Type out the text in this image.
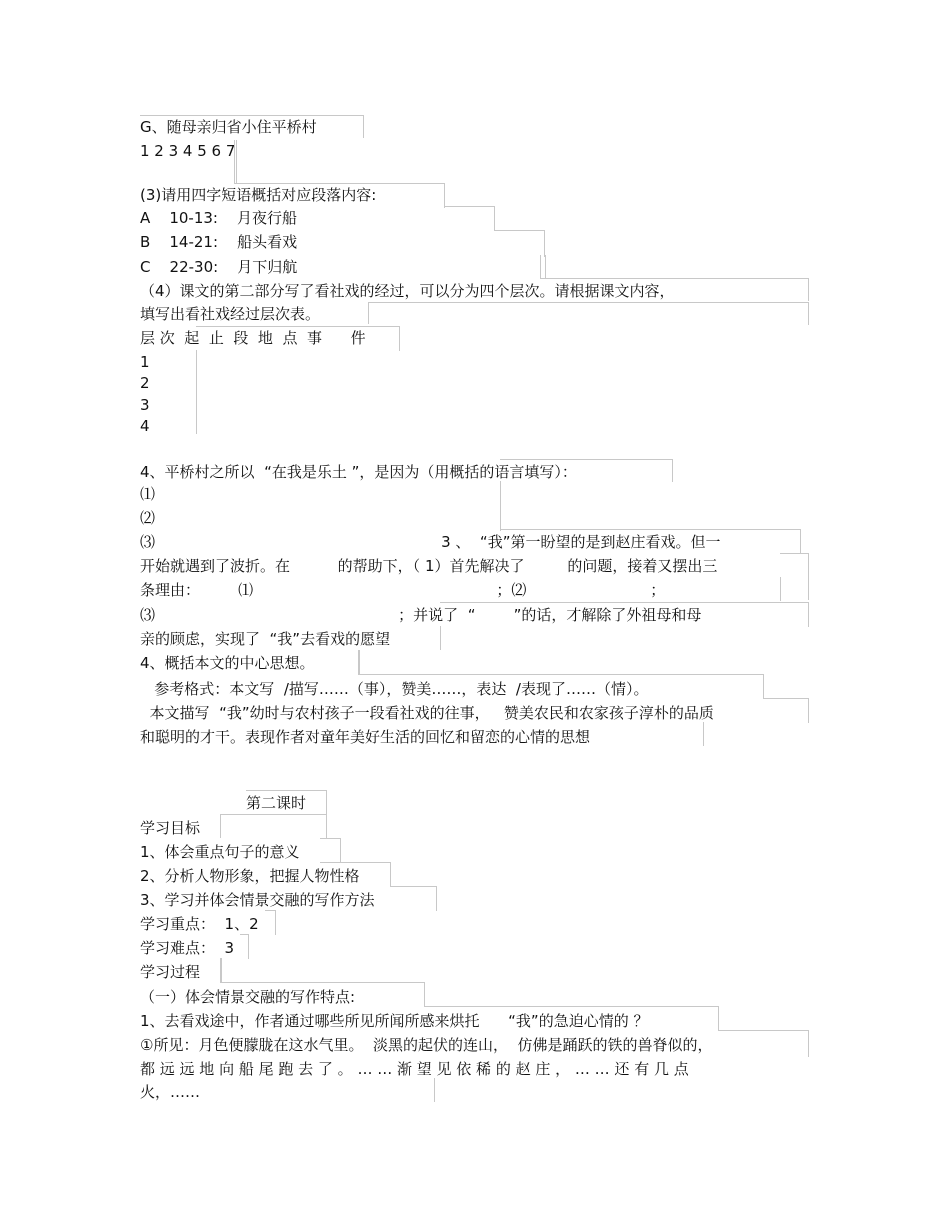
G、随母亲归省小住平桥村
1 2 3 4 5 6 7
(3)请用四字短语概括对应段落内容:
A    10-13:    月夜行船
B    14-21:    船头看戏
C    22-30:    月下归航
（4）课文的第二部分写了看社戏的经过，可以分为四个层次。请根据课文内容，
填写出看社戏经过层次表。
层 次  起  止  段  地  点  事      件
1
2
3
4
4、平桥村之所以  “在我是乐土 ”，是因为（用概括的语言填写）：
⑴
⑵
⑶                                                            3 、  “我”第一盼望的是到赵庄看戏。但一
开始就遇到了波折。在          的帮助下，（ 1）首先解决了         的问题，接着又摆出三
条理由：        ⑴                                                   ；⑵                          ；
⑶                                                   ；并说了  “        ”的话，才解除了外祖母和母
亲的顾虑，实现了  “我”去看戏的愿望
4、概括本文的中心思想。
参考格式：本文写  /描写……（事），赞美……，表达  /表现了……（情）。
本文描写  “我”幼时与农村孩子一段看社戏的往事，   赞美农民和农家孩子淳朴的品质
和聪明的才干。表现作者对童年美好生活的回忆和留恋的心情的思想
第二课时
学习目标
1、体会重点句子的意义
2、分析人物形象，把握人物性格
3、学习并体会情景交融的写作方法
学习重点：  1、2
学习难点：  3
学习过程
（一）体会情景交融的写作特点:
1、去看戏途中，作者通过哪些所见所闻所感来烘托      “我”的急迫心情的 ？
①所见：月色便朦胧在这水气里。  淡黑的起伏的连山，  仿佛是踊跃的铁的兽脊似的，
都 远 远 地 向 船 尾 跑 去 了 。 … … 渐 望 见 依 稀 的 赵 庄 ， … … 还 有 几 点
火，……
